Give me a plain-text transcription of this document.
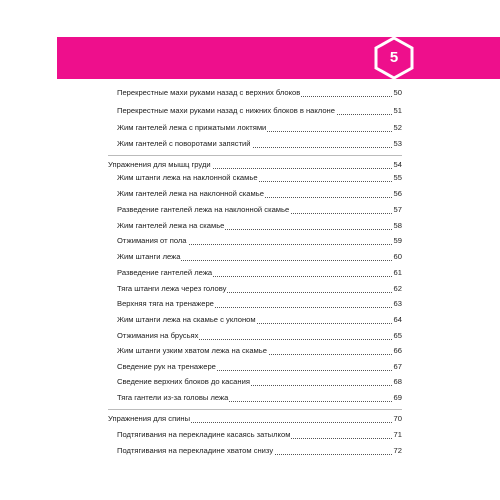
5
Перекрестные махи руками назад с верхних блоков	50
Перекрестные махи руками назад с нижних блоков в наклоне	51
Жим гантелей лежа с прижатыми локтями	52
Жим гантелей с поворотами запястий	53
Упражнения для мышц груди	54
Жим штанги лежа на наклонной скамье	55
Жим гантелей лежа на наклонной скамье	56
Разведение гантелей лежа на наклонной скамье	57
Жим гантелей лежа на скамье	58
Отжимания от пола	59
Жим штанги лежа	60
Разведение гантелей лежа	61
Тяга штанги лежа через голову	62
Верхняя тяга на тренажере	63
Жим штанги лежа на скамье с уклоном	64
Отжимания на брусьях	65
Жим штанги узким хватом лежа на скамье	66
Сведение рук на тренажере	67
Сведение верхних блоков до касания	68
Тяга гантели из-за головы лежа	69
Упражнения для спины	70
Подтягивания на перекладине касаясь затылком	71
Подтягивания на перекладине хватом снизу	72
